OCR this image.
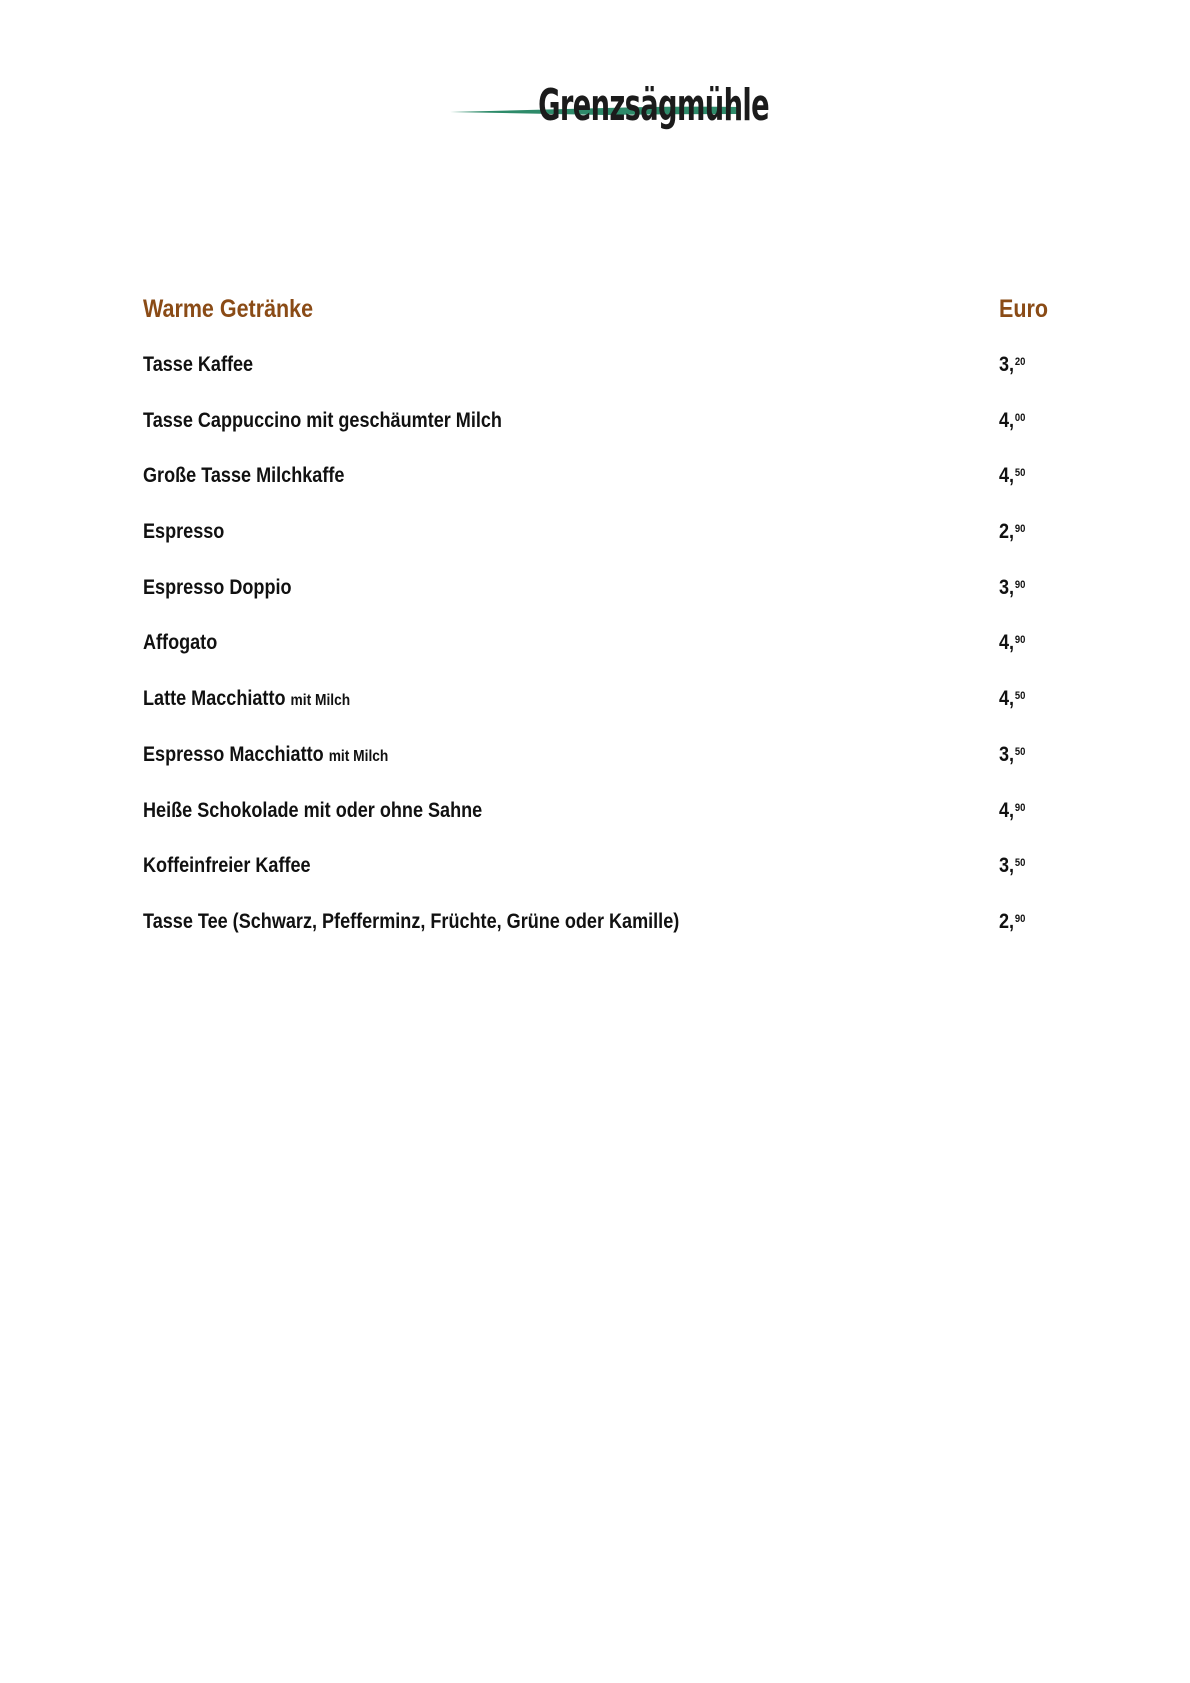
Grenzsägmühle
Warme Getränke	Euro
Tasse Kaffee	3,20
Tasse Cappuccino mit geschäumter Milch	4,00
Große Tasse Milchkaffe	4,50
Espresso	2,90
Espresso Doppio	3,90
Affogato	4,90
Latte Macchiatto mit Milch	4,50
Espresso Macchiatto mit Milch	3,50
Heiße Schokolade mit oder ohne Sahne	4,90
Koffeinfreier Kaffee	3,50
Tasse Tee (Schwarz, Pfefferminz, Früchte, Grüne oder Kamille)	2,90
